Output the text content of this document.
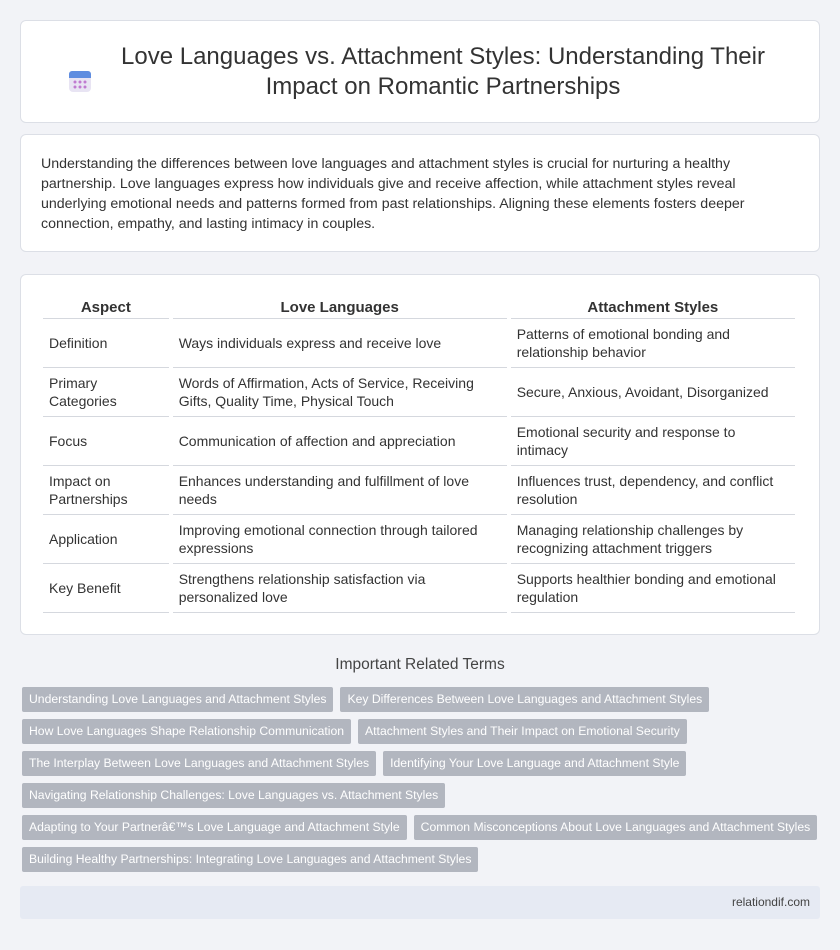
Love Languages vs. Attachment Styles: Understanding Their Impact on Romantic Partnerships

Understanding the differences between love languages and attachment styles is crucial for nurturing a healthy partnership. Love languages express how individuals give and receive affection, while attachment styles reveal underlying emotional needs and patterns formed from past relationships. Aligning these elements fosters deeper connection, empathy, and lasting intimacy in couples.

Aspect	Love Languages	Attachment Styles
Definition	Ways individuals express and receive love	Patterns of emotional bonding and relationship behavior
Primary Categories	Words of Affirmation, Acts of Service, Receiving Gifts, Quality Time, Physical Touch	Secure, Anxious, Avoidant, Disorganized
Focus	Communication of affection and appreciation	Emotional security and response to intimacy
Impact on Partnerships	Enhances understanding and fulfillment of love needs	Influences trust, dependency, and conflict resolution
Application	Improving emotional connection through tailored expressions	Managing relationship challenges by recognizing attachment triggers
Key Benefit	Strengthens relationship satisfaction via personalized love	Supports healthier bonding and emotional regulation
Important Related Terms
Understanding Love Languages and Attachment Styles	Key Differences Between Love Languages and Attachment Styles
How Love Languages Shape Relationship Communication	Attachment Styles and Their Impact on Emotional Security
The Interplay Between Love Languages and Attachment Styles	Identifying Your Love Language and Attachment Style
Navigating Relationship Challenges: Love Languages vs. Attachment Styles
Adapting to Your Partnerâ€™s Love Language and Attachment Style	Common Misconceptions About Love Languages and Attachment Styles
Building Healthy Partnerships: Integrating Love Languages and Attachment Styles
relationdif.com
